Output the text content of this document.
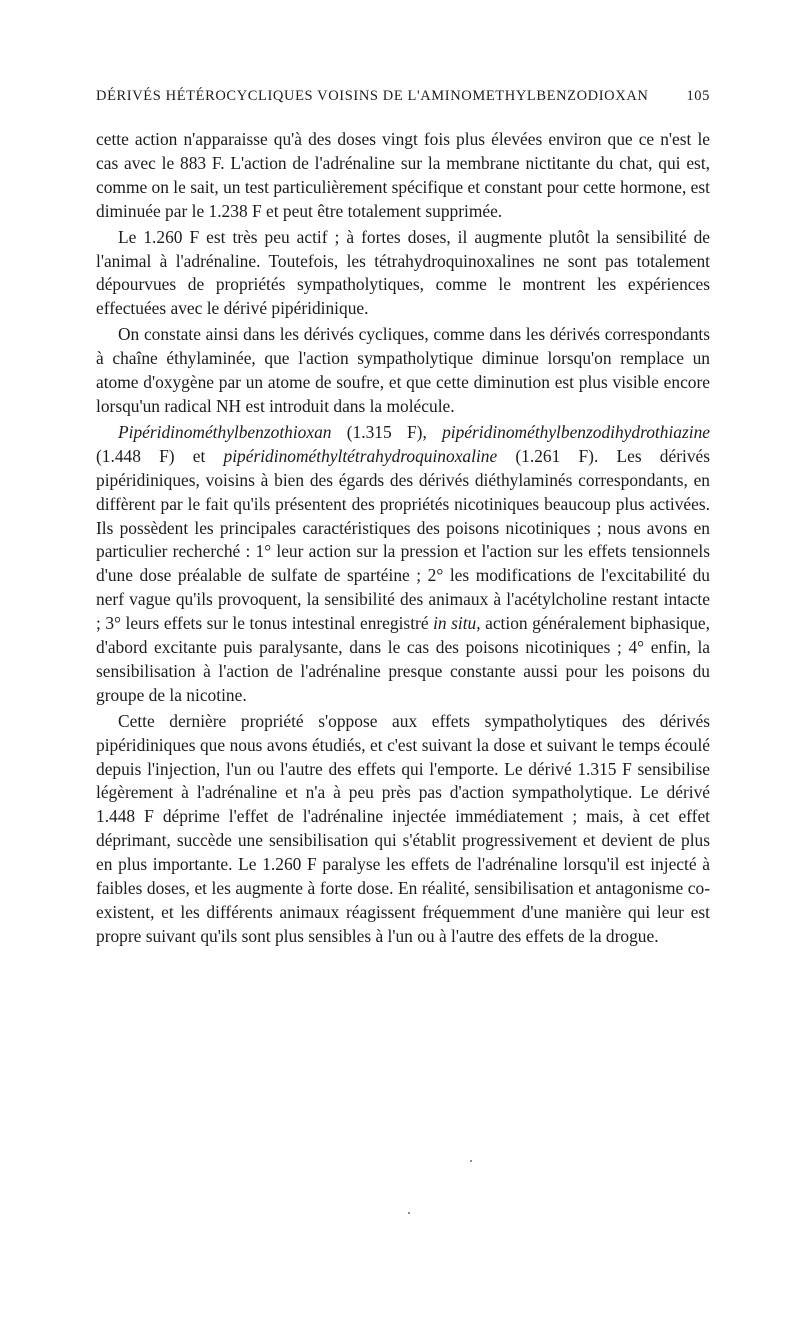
DÉRIVÉS HÉTÉROCYCLIQUES VOISINS DE L'AMINOMETHYLBENZODIOXAN	105

cette action n'apparaisse qu'à des doses vingt fois plus élevées environ que ce n'est le cas avec le 883 F. L'action de l'adrénaline sur la membrane nictitante du chat, qui est, comme on le sait, un test particulièrement spécifique et constant pour cette hormone, est diminuée par le 1.238 F et peut être totalement supprimée.

Le 1.260 F est très peu actif ; à fortes doses, il augmente plutôt la sensibilité de l'animal à l'adrénaline. Toutefois, les tétrahydroquinoxalines ne sont pas totalement dépourvues de propriétés sympatholytiques, comme le montrent les expériences effectuées avec le dérivé pipéridinique.

On constate ainsi dans les dérivés cycliques, comme dans les dérivés correspondants à chaîne éthylaminée, que l'action sympatholytique diminue lorsqu'on remplace un atome d'oxygène par un atome de soufre, et que cette diminution est plus visible encore lorsqu'un radical NH est introduit dans la molécule.

Pipéridinométhylbenzothioxan (1.315 F), pipéridinométhylbenzodihydrothiazine (1.448 F) et pipéridinométhyltétrahydroquinoxaline (1.261 F). Les dérivés pipéridiniques, voisins à bien des égards des dérivés diéthylaminés correspondants, en diffèrent par le fait qu'ils présentent des propriétés nicotiniques beaucoup plus activées. Ils possèdent les principales caractéristiques des poisons nicotiniques ; nous avons en particulier recherché : 1° leur action sur la pression et l'action sur les effets tensionnels d'une dose préalable de sulfate de spartéine ; 2° les modifications de l'excitabilité du nerf vague qu'ils provoquent, la sensibilité des animaux à l'acétylcholine restant intacte ; 3° leurs effets sur le tonus intestinal enregistré in situ, action généralement biphasique, d'abord excitante puis paralysante, dans le cas des poisons nicotiniques ; 4° enfin, la sensibilisation à l'action de l'adrénaline presque constante aussi pour les poisons du groupe de la nicotine.

Cette dernière propriété s'oppose aux effets sympatholytiques des dérivés pipéridiniques que nous avons étudiés, et c'est suivant la dose et suivant le temps écoulé depuis l'injection, l'un ou l'autre des effets qui l'emporte. Le dérivé 1.315 F sensibilise légèrement à l'adrénaline et n'a à peu près pas d'action sympatholytique. Le dérivé 1.448 F déprime l'effet de l'adrénaline injectée immédiatement ; mais, à cet effet déprimant, succède une sensibilisation qui s'établit progressivement et devient de plus en plus importante. Le 1.260 F paralyse les effets de l'adrénaline lorsqu'il est injecté à faibles doses, et les augmente à forte dose. En réalité, sensibilisation et antagonisme co-existent, et les différents animaux réagissent fréquemment d'une manière qui leur est propre suivant qu'ils sont plus sensibles à l'un ou à l'autre des effets de la drogue.
